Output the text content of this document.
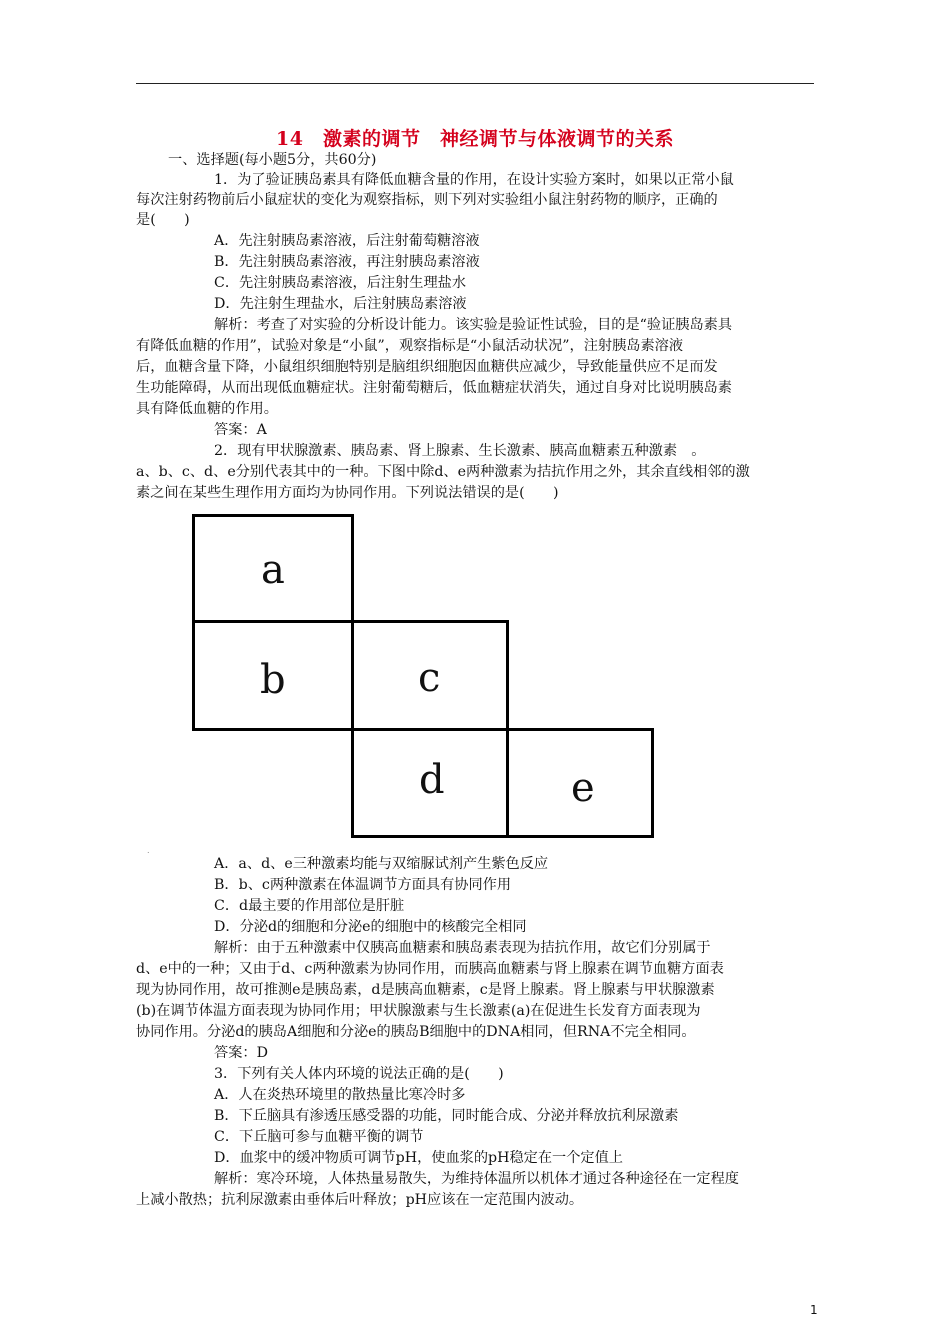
14　激素的调节　神经调节与体液调节的关系
一、选择题(每小题5分，共60分)
1．为了验证胰岛素具有降低血糖含量的作用，在设计实验方案时，如果以正常小鼠
每次注射药物前后小鼠症状的变化为观察指标，则下列对实验组小鼠注射药物的顺序，正确的
是(　　)
A．先注射胰岛素溶液，后注射葡萄糖溶液
B．先注射胰岛素溶液，再注射胰岛素溶液
C．先注射胰岛素溶液，后注射生理盐水
D．先注射生理盐水，后注射胰岛素溶液
解析：考查了对实验的分析设计能力。该实验是验证性试验，目的是“验证胰岛素具
有降低血糖的作用”，试验对象是“小鼠”，观察指标是“小鼠活动状况”，注射胰岛素溶液
后，血糖含量下降，小鼠组织细胞特别是脑组织细胞因血糖供应减少，导致能量供应不足而发
生功能障碍，从而出现低血糖症状。注射葡萄糖后，低血糖症状消失，通过自身对比说明胰岛素
具有降低血糖的作用。
答案：A
2．现有甲状腺激素、胰岛素、肾上腺素、生长激素、胰高血糖素五种激素　。
a、b、c、d、e分别代表其中的一种。下图中除d、e两种激素为拮抗作用之外，其余直线相邻的激
素之间在某些生理作用方面均为协同作用。下列说法错误的是(　　)
a
b	c
d	e
.
A．a、d、e三种激素均能与双缩脲试剂产生紫色反应
B．b、c两种激素在体温调节方面具有协同作用
C．d最主要的作用部位是肝脏
D．分泌d的细胞和分泌e的细胞中的核酸完全相同
解析：由于五种激素中仅胰高血糖素和胰岛素表现为拮抗作用，故它们分别属于
d、e中的一种；又由于d、c两种激素为协同作用，而胰高血糖素与肾上腺素在调节血糖方面表
现为协同作用，故可推测e是胰岛素，d是胰高血糖素，c是肾上腺素。肾上腺素与甲状腺激素
(b)在调节体温方面表现为协同作用；甲状腺激素与生长激素(a)在促进生长发育方面表现为
协同作用。分泌d的胰岛A细胞和分泌e的胰岛B细胞中的DNA相同，但RNA不完全相同。
答案：D
3．下列有关人体内环境的说法正确的是(　　)
A．人在炎热环境里的散热量比寒冷时多
B．下丘脑具有渗透压感受器的功能，同时能合成、分泌并释放抗利尿激素
C．下丘脑可参与血糖平衡的调节
D．血浆中的缓冲物质可调节pH，使血浆的pH稳定在一个定值上
解析：寒冷环境，人体热量易散失，为维持体温所以机体才通过各种途径在一定程度
上减小散热；抗利尿激素由垂体后叶释放；pH应该在一定范围内波动。
1
